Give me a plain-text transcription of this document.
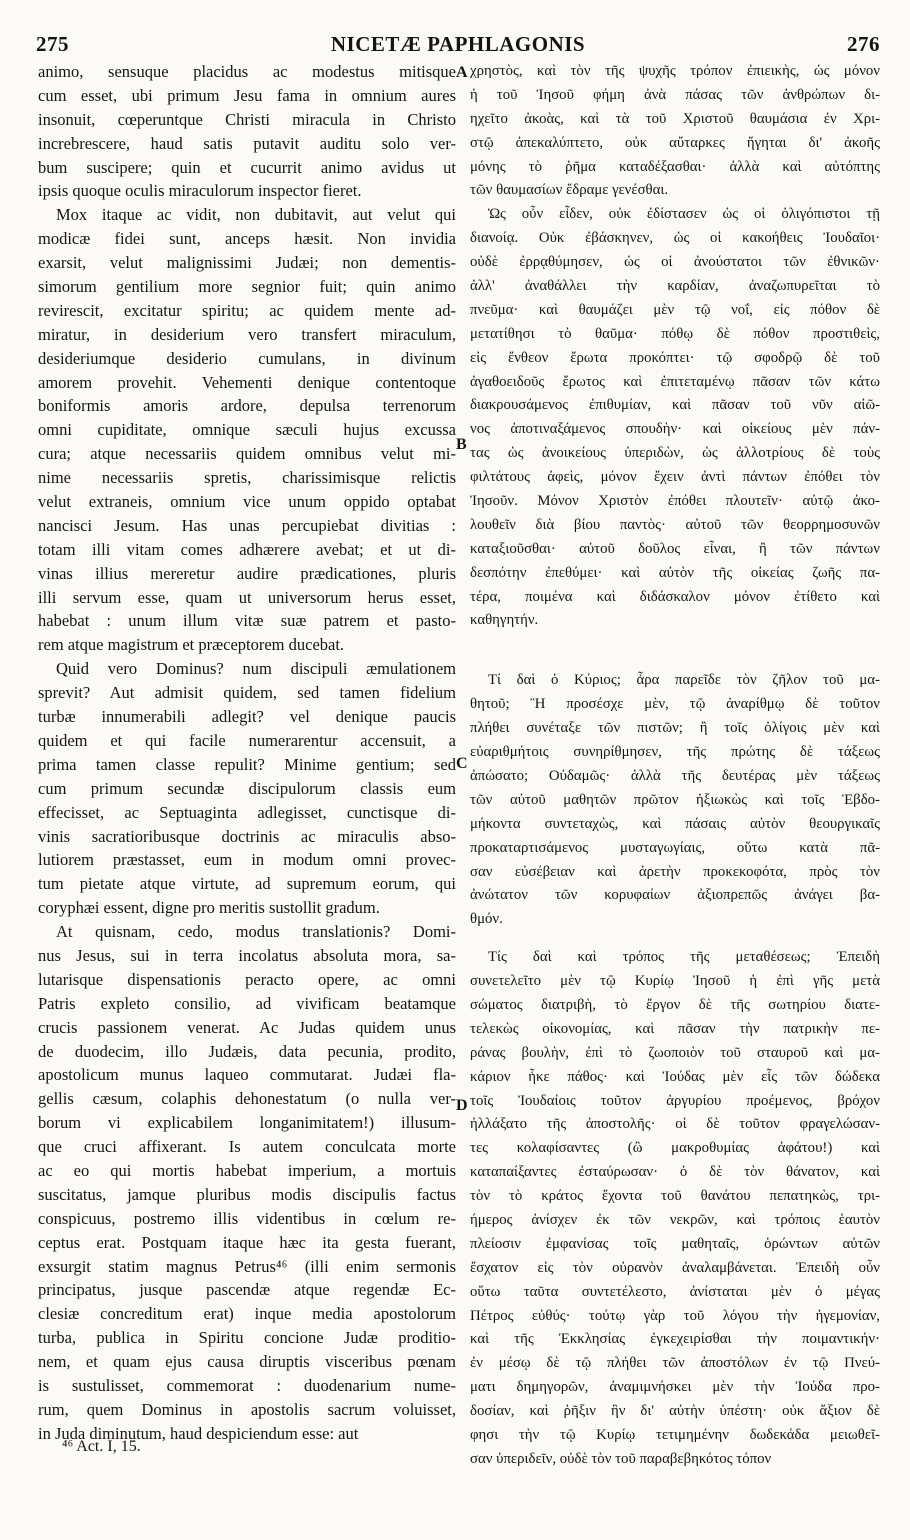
275	NICETÆ PAPHLAGONIS	276
animo, sensuque placidus ac modestus mitisque
cum esset, ubi primum Jesu fama in omnium aures
insonuit, cœperuntque Christi miracula in Christo
increbrescere, haud satis putavit auditu solo ver-
bum suscipere; quin et cucurrit animo avidus ut
ipsis quoque oculis miraculorum inspector fieret.
Mox itaque ac vidit, non dubitavit, aut velut qui
modicæ fidei sunt, anceps hæsit. Non invidia
exarsit, velut malignissimi Judæi; non dementis-
simorum gentilium more segnior fuit; quin animo
revirescit, excitatur spiritu; ac quidem mente ad-
miratur, in desiderium vero transfert miraculum,
desideriumque desiderio cumulans, in divinum
amorem provehit. Vehementi denique contentoque
boniformis amoris ardore, depulsa terrenorum
omni cupiditate, omnique sæculi hujus excussa
cura; atque necessariis quidem omnibus velut mi-
nime necessariis spretis, charissimisque relictis
velut extraneis, omnium vice unum oppido optabat
nancisci Jesum. Has unas percupiebat divitias :
totam illi vitam comes adhærere avebat; et ut di-
vinas illius mereretur audire prædicationes, pluris
illi servum esse, quam ut universorum herus esset,
habebat : unum illum vitæ suæ patrem et pasto-
rem atque magistrum et præceptorem ducebat.
Quid vero Dominus? num discipuli æmulationem
sprevit? Aut admisit quidem, sed tamen fidelium
turbæ innumerabili adlegit? vel denique paucis
quidem et qui facile numerarentur accensuit, a
prima tamen classe repulit? Minime gentium; sed
cum primum secundæ discipulorum classis eum
effecisset, ac Septuaginta adlegisset, cunctisque di-
vinis sacratioribusque doctrinis ac miraculis abso-
lutiorem præstasset, eum in modum omni provec-
tum pietate atque virtute, ad supremum eorum, qui
coryphæi essent, digne pro meritis sustollit gradum.
At quisnam, cedo, modus translationis? Domi-
nus Jesus, sui in terra incolatus absoluta mora, sa-
lutarisque dispensationis peracto opere, ac omni
Patris expleto consilio, ad vivificam beatamque
crucis passionem venerat. Ac Judas quidem unus
de duodecim, illo Judæis, data pecunia, prodito,
apostolicum munus laqueo commutarat. Judæi fla-
gellis cæsum, colaphis dehonestatum (o nulla ver-
borum vi explicabilem longanimitatem!) illusum-
que cruci affixerant. Is autem conculcata morte
ac eo qui mortis habebat imperium, a mortuis
suscitatus, jamque pluribus modis discipulis factus
conspicuus, postremo illis videntibus in cœlum re-
ceptus erat. Postquam itaque hæc ita gesta fuerant,
exsurgit statim magnus Petrus⁴⁶ (illi enim sermonis
principatus, jusque pascendæ atque regendæ Ec-
clesiæ concreditum erat) inque media apostolorum
turba, publica in Spiritu concione Judæ proditio-
nem, et quam ejus causa diruptis visceribus pœnam
is sustulisset, commemorat : duodenarium nume-
rum, quem Dominus in apostolis sacrum voluisset,
in Juda diminutum, haud despiciendum esse: aut
χρηστὸς, καὶ τὸν τῆς ψυχῆς τρόπον ἐπιεικὴς, ὡς μόνον
ἡ τοῦ Ἰησοῦ φήμη ἀνὰ πάσας τῶν ἀνθρώπων δι-
ηχεῖτο ἀκοὰς, καὶ τὰ τοῦ Χριστοῦ θαυμάσια ἐν Χρι-
στῷ ἀπεκαλύπτετο, οὐκ αὔταρκες ἥγηται δι' ἀκοῆς
μόνης τὸ ῥῆμα καταδέξασθαι· ἀλλὰ καὶ αὐτόπτης
τῶν θαυμασίων ἔδραμε γενέσθαι.
Ὡς οὖν εἶδεν, οὐκ ἐδίστασεν ὡς οἱ ὀλιγόπιστοι τῇ
διανοίᾳ. Οὐκ ἐβάσκηνεν, ὡς οἱ κακοήθεις Ἰουδαῖοι·
οὐδὲ ἐρρᾳθύμησεν, ὡς οἱ ἀνούστατοι τῶν ἐθνικῶν·
ἀλλ' ἀναθάλλει τὴν καρδίαν, ἀναζωπυρεῖται τὸ
πνεῦμα· καὶ θαυμάζει μὲν τῷ νοΐ, εἰς πόθον δὲ
μετατίθησι τὸ θαῦμα· πόθῳ δὲ πόθον προστιθεὶς,
εἰς ἔνθεον ἔρωτα προκόπτει· τῷ σφοδρῷ δὲ τοῦ
ἀγαθοειδοῦς ἔρωτος καὶ ἐπιτεταμένῳ πᾶσαν τῶν κάτω
διακρουσάμενος ἐπιθυμίαν, καὶ πᾶσαν τοῦ νῦν αἰῶ-
νος ἀποτιναξάμενος σπουδὴν· καὶ οἰκείους μὲν πάν-
τας ὡς ἀνοικείους ὑπεριδὼν, ὡς ἀλλοτρίους δὲ τοὺς
φιλτάτους ἀφεὶς, μόνον ἔχειν ἀντὶ πάντων ἐπόθει τὸν
Ἰησοῦν. Μόνον Χριστὸν ἐπόθει πλουτεῖν· αὐτῷ ἀκο-
λουθεῖν διὰ βίου παντὸς· αὐτοῦ τῶν θεορρημοσυνῶν
καταξιοῦσθαι· αὐτοῦ δοῦλος εἶναι, ἢ τῶν πάντων
δεσπότην ἐπεθύμει· καὶ αὐτὸν τῆς οἰκείας ζωῆς πα-
τέρα, ποιμένα καὶ διδάσκαλον μόνον ἐτίθετο καὶ
καθηγητήν.
Τί δαὶ ὁ Κύριος; ἆρα παρεῖδε τὸν ζῆλον τοῦ μα-
θητοῦ; Ἢ προσέσχε μὲν, τῷ ἀναρίθμῳ δὲ τοῦτον
πλήθει συνέταξε τῶν πιστῶν; ἢ τοῖς ὀλίγοις μὲν καὶ
εὐαριθμήτοις συνηρίθμησεν, τῆς πρώτης δὲ τάξεως
ἀπώσατο; Οὐδαμῶς· ἀλλὰ τῆς δευτέρας μὲν τάξεως
τῶν αὐτοῦ μαθητῶν πρῶτον ἠξιωκὼς καὶ τοῖς Ἑβδο-
μήκοντα συντεταχὼς, καὶ πάσαις αὐτὸν θεουργικαῖς
προκαταρτισάμενος μυσταγωγίαις, οὕτω κατὰ πᾶ-
σαν εὐσέβειαν καὶ ἀρετὴν προκεκοφότα, πρὸς τὸν
ἀνώτατον τῶν κορυφαίων ἀξιοπρεπῶς ἀνάγει βα-
θμόν.
Τίς δαὶ καὶ τρόπος τῆς μεταθέσεως; Ἐπειδὴ
συνετελεῖτο μὲν τῷ Κυρίῳ Ἰησοῦ ἡ ἐπὶ γῆς μετὰ
σώματος διατριβὴ, τὸ ἔργον δὲ τῆς σωτηρίου διατε-
τελεκὼς οἰκονομίας, καὶ πᾶσαν τὴν πατρικὴν πε-
ράνας βουλὴν, ἐπὶ τὸ ζωοποιὸν τοῦ σταυροῦ καὶ μα-
κάριον ἧκε πάθος· καὶ Ἰούδας μὲν εἷς τῶν δώδεκα
τοῖς Ἰουδαίοις τοῦτον ἀργυρίου προέμενος, βρόχον
ἠλλάξατο τῆς ἀποστολῆς· οἱ δὲ τοῦτον φραγελώσαν-
τες κολαφίσαντες (ὢ μακροθυμίας ἀφάτου!) καὶ
καταπαίξαντες ἐσταύρωσαν· ὁ δὲ τὸν θάνατον, καὶ
τὸν τὸ κράτος ἔχοντα τοῦ θανάτου πεπατηκὼς, τρι-
ήμερος ἀνίσχεν ἐκ τῶν νεκρῶν, καὶ τρόποις ἑαυτὸν
πλείοσιν ἐμφανίσας τοῖς μαθηταῖς, ὁρώντων αὐτῶν
ἔσχατον εἰς τὸν οὐρανὸν ἀναλαμβάνεται. Ἐπειδὴ οὖν
οὕτω ταῦτα συντετέλεστο, ἀνίσταται μὲν ὁ μέγας
Πέτρος εὐθύς· τούτῳ γὰρ τοῦ λόγου τὴν ἡγεμονίαν,
καὶ τῆς Ἐκκλησίας ἐγκεχειρίσθαι τὴν ποιμαντικήν·
ἐν μέσῳ δὲ τῷ πλήθει τῶν ἀποστόλων ἐν τῷ Πνεύ-
ματι δημηγορῶν, ἀναμιμνήσκει μὲν τὴν Ἰούδα προ-
δοσίαν, καὶ ῥῆξιν ἣν δι' αὐτὴν ὑπέστη· οὐκ ἄξιον δὲ
φησι τὴν τῷ Κυρίῳ τετιμημένην δωδεκάδα μειωθεῖ-
σαν ὑπεριδεῖν, οὐδὲ τὸν τοῦ παραβεβηκότος τόπον
A
B
C
D
⁴⁶ Act. I, 15.
